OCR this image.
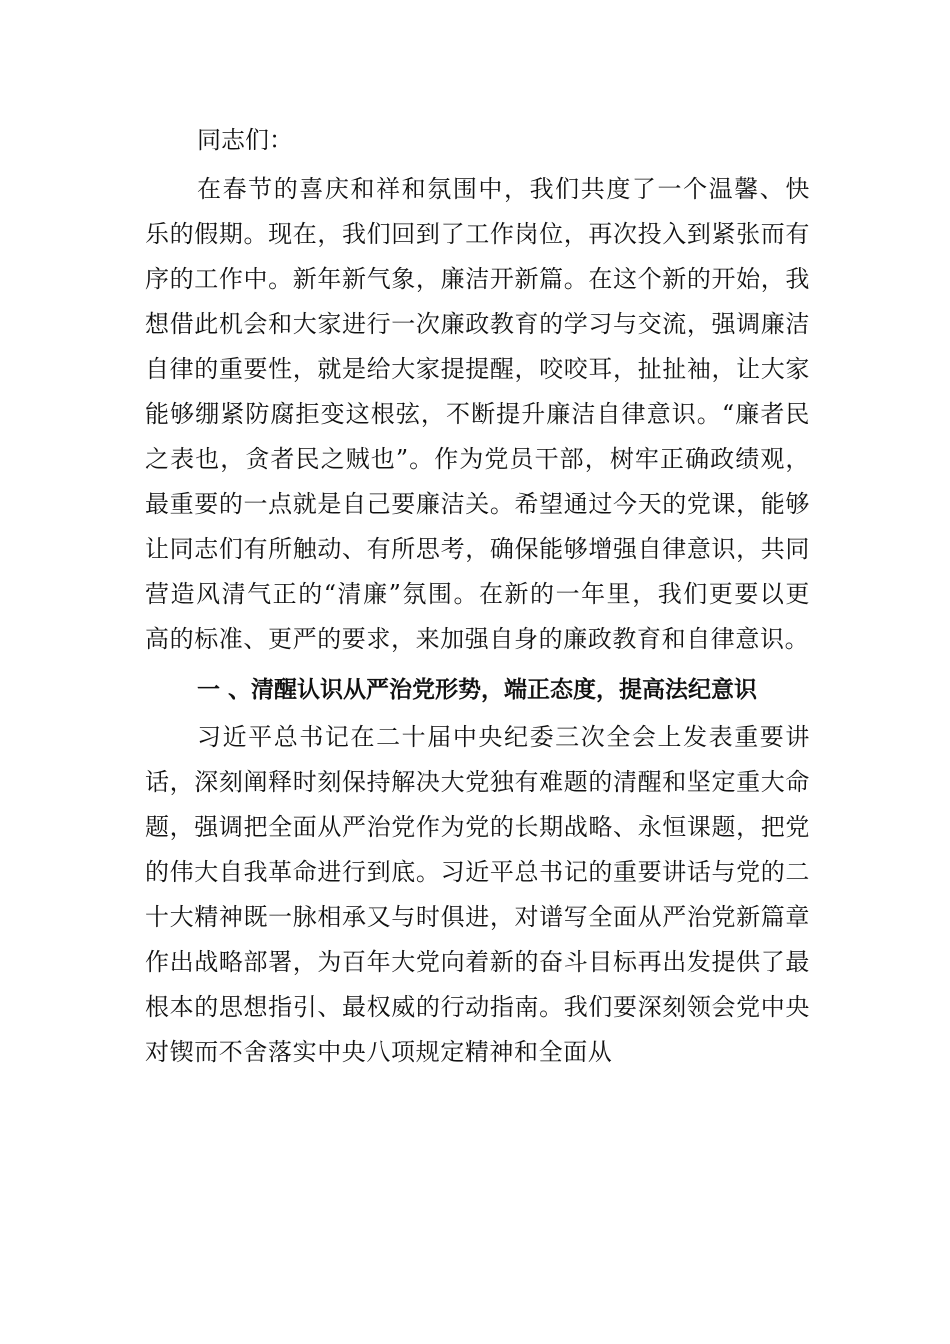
同志们：

在春节的喜庆和祥和氛围中，我们共度了一个温馨、快乐的假期。现在，我们回到了工作岗位，再次投入到紧张而有序的工作中。新年新气象，廉洁开新篇。在这个新的开始，我想借此机会和大家进行一次廉政教育的学习与交流，强调廉洁自律的重要性，就是给大家提提醒，咬咬耳，扯扯袖，让大家能够绷紧防腐拒变这根弦，不断提升廉洁自律意识。“廉者民之表也，贪者民之贼也”。作为党员干部，树牢正确政绩观，最重要的一点就是自己要廉洁关。希望通过今天的党课，能够让同志们有所触动、有所思考，确保能够增强自律意识，共同营造风清气正的“清廉”氛围。在新的一年里，我们更要以更高的标准、更严的要求，来加强自身的廉政教育和自律意识。

一 、清醒认识从严治党形势，端正态度，提高法纪意识

习近平总书记在二十届中央纪委三次全会上发表重要讲话，深刻阐释时刻保持解决大党独有难题的清醒和坚定重大命题，强调把全面从严治党作为党的长期战略、永恒课题，把党的伟大自我革命进行到底。习近平总书记的重要讲话与党的二十大精神既一脉相承又与时俱进，对谱写全面从严治党新篇章作出战略部署，为百年大党向着新的奋斗目标再出发提供了最根本的思想指引、最权威的行动指南。我们要深刻领会党中央对锲而不舍落实中央八项规定精神和全面从
